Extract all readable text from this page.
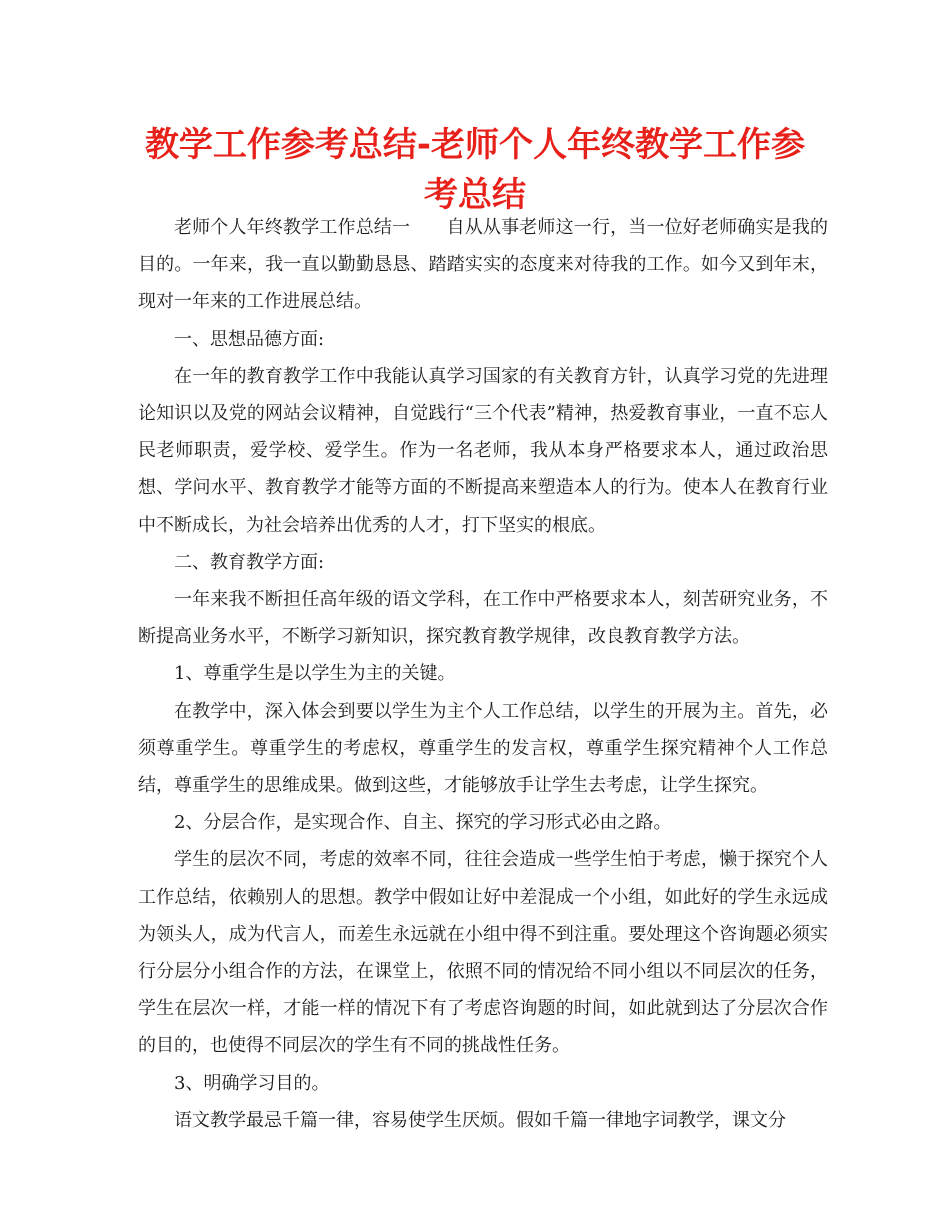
教学工作参考总结-老师个人年终教学工作参考总结

老师个人年终教学工作总结一　　自从从事老师这一行，当一位好老师确实是我的目的。一年来，我一直以勤勤恳恳、踏踏实实的态度来对待我的工作。如今又到年末，现对一年来的工作进展总结。

一、思想品德方面:

在一年的教育教学工作中我能认真学习国家的有关教育方针，认真学习党的先进理论知识以及党的网站会议精神，自觉践行“三个代表”精神，热爱教育事业，一直不忘人民老师职责，爱学校、爱学生。作为一名老师，我从本身严格要求本人，通过政治思想、学问水平、教育教学才能等方面的不断提高来塑造本人的行为。使本人在教育行业中不断成长，为社会培养出优秀的人才，打下坚实的根底。

二、教育教学方面:

一年来我不断担任高年级的语文学科，在工作中严格要求本人，刻苦研究业务，不断提高业务水平，不断学习新知识，探究教育教学规律，改良教育教学方法。

1、尊重学生是以学生为主的关键。

在教学中，深入体会到要以学生为主个人工作总结，以学生的开展为主。首先，必须尊重学生。尊重学生的考虑权，尊重学生的发言权，尊重学生探究精神个人工作总结，尊重学生的思维成果。做到这些，才能够放手让学生去考虑，让学生探究。

2、分层合作，是实现合作、自主、探究的学习形式必由之路。

学生的层次不同，考虑的效率不同，往往会造成一些学生怕于考虑，懒于探究个人工作总结，依赖别人的思想。教学中假如让好中差混成一个小组，如此好的学生永远成为领头人，成为代言人，而差生永远就在小组中得不到注重。要处理这个咨询题必须实行分层分小组合作的方法，在课堂上，依照不同的情况给不同小组以不同层次的任务，学生在层次一样，才能一样的情况下有了考虑咨询题的时间，如此就到达了分层次合作的目的，也使得不同层次的学生有不同的挑战性任务。

3、明确学习目的。

语文教学最忌千篇一律，容易使学生厌烦。假如千篇一律地字词教学，课文分
